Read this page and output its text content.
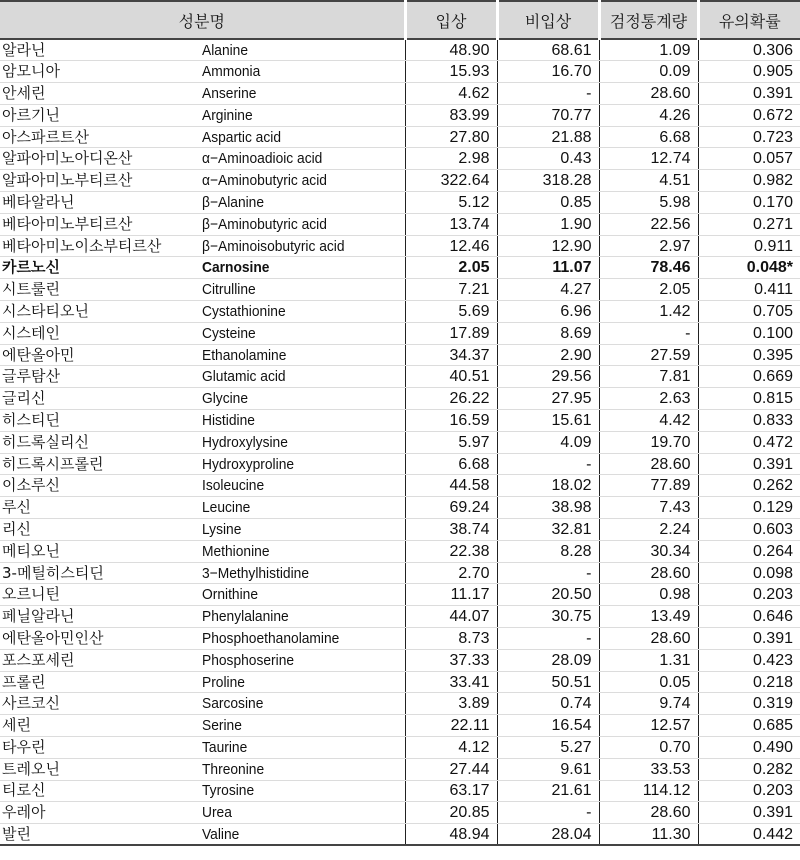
성분명	입상	비입상	검정통계량	유의확률
알라닌 Alanine	48.90	68.61	1.09	0.306
암모니아 Ammonia	15.93	16.70	0.09	0.905
안세린 Anserine	4.62	-	28.60	0.391
아르기닌 Arginine	83.99	70.77	4.26	0.672
아스파르트산 Aspartic acid	27.80	21.88	6.68	0.723
알파아미노아디온산 α−Aminoadioic acid	2.98	0.43	12.74	0.057
알파아미노부티르산 α−Aminobutyric acid	322.64	318.28	4.51	0.982
베타알라닌 β−Alanine	5.12	0.85	5.98	0.170
베타아미노부티르산 β−Aminobutyric acid	13.74	1.90	22.56	0.271
베타아미노이소부티르산 β−Aminoisobutyric acid	12.46	12.90	2.97	0.911
카르노신 Carnosine	2.05	11.07	78.46	0.048*
시트룰린 Citrulline	7.21	4.27	2.05	0.411
시스타티오닌 Cystathionine	5.69	6.96	1.42	0.705
시스테인 Cysteine	17.89	8.69	-	0.100
에탄올아민 Ethanolamine	34.37	2.90	27.59	0.395
글루탐산 Glutamic acid	40.51	29.56	7.81	0.669
글리신 Glycine	26.22	27.95	2.63	0.815
히스티딘 Histidine	16.59	15.61	4.42	0.833
히드록실리신 Hydroxylysine	5.97	4.09	19.70	0.472
히드록시프롤린 Hydroxyproline	6.68	-	28.60	0.391
이소루신 Isoleucine	44.58	18.02	77.89	0.262
루신 Leucine	69.24	38.98	7.43	0.129
리신 Lysine	38.74	32.81	2.24	0.603
메티오닌 Methionine	22.38	8.28	30.34	0.264
3-메틸히스티딘 3−Methylhistidine	2.70	-	28.60	0.098
오르니틴 Ornithine	11.17	20.50	0.98	0.203
페닐알라닌 Phenylalanine	44.07	30.75	13.49	0.646
에탄올아민인산 Phosphoethanolamine	8.73	-	28.60	0.391
포스포세린 Phosphoserine	37.33	28.09	1.31	0.423
프롤린 Proline	33.41	50.51	0.05	0.218
사르코신 Sarcosine	3.89	0.74	9.74	0.319
세린 Serine	22.11	16.54	12.57	0.685
타우린 Taurine	4.12	5.27	0.70	0.490
트레오닌 Threonine	27.44	9.61	33.53	0.282
티로신 Tyrosine	63.17	21.61	114.12	0.203
우레아 Urea	20.85	-	28.60	0.391
발린 Valine	48.94	28.04	11.30	0.442
